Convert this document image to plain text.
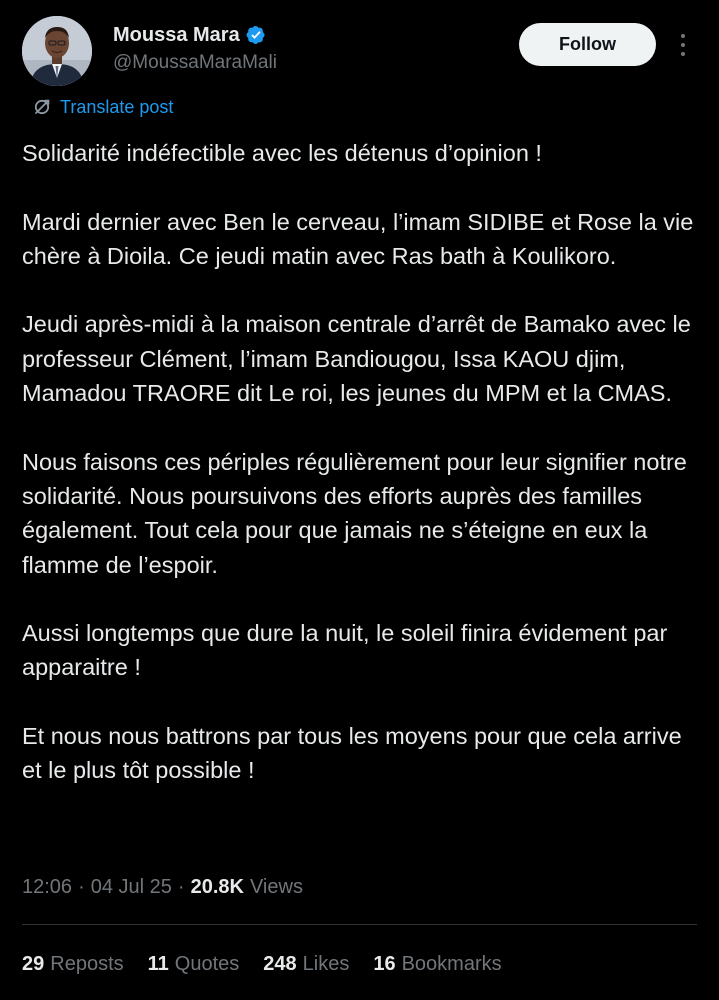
Moussa Mara
@MoussaMaraMali
Follow
Translate post

Solidarité indéfectible avec les détenus d’opinion !

Mardi dernier avec Ben le cerveau, l’imam SIDIBE et Rose la vie chère à Dioila. Ce jeudi matin avec Ras bath à Koulikoro.

Jeudi après-midi à la maison centrale d’arrêt de Bamako avec le professeur Clément, l’imam Bandiougou, Issa KAOU djim, Mamadou TRAORE dit Le roi, les jeunes du MPM et la CMAS.

Nous faisons ces périples régulièrement pour leur signifier notre solidarité. Nous poursuivons des efforts auprès des familles également. Tout cela pour que jamais ne s’éteigne en eux la flamme de l’espoir.

Aussi longtemps que dure la nuit, le soleil finira évidement par apparaitre !

Et nous nous battrons par tous les moyens pour que cela arrive et le plus tôt possible !

12:06 · 04 Jul 25 · 20.8K Views
29 Reposts 11 Quotes 248 Likes 16 Bookmarks
